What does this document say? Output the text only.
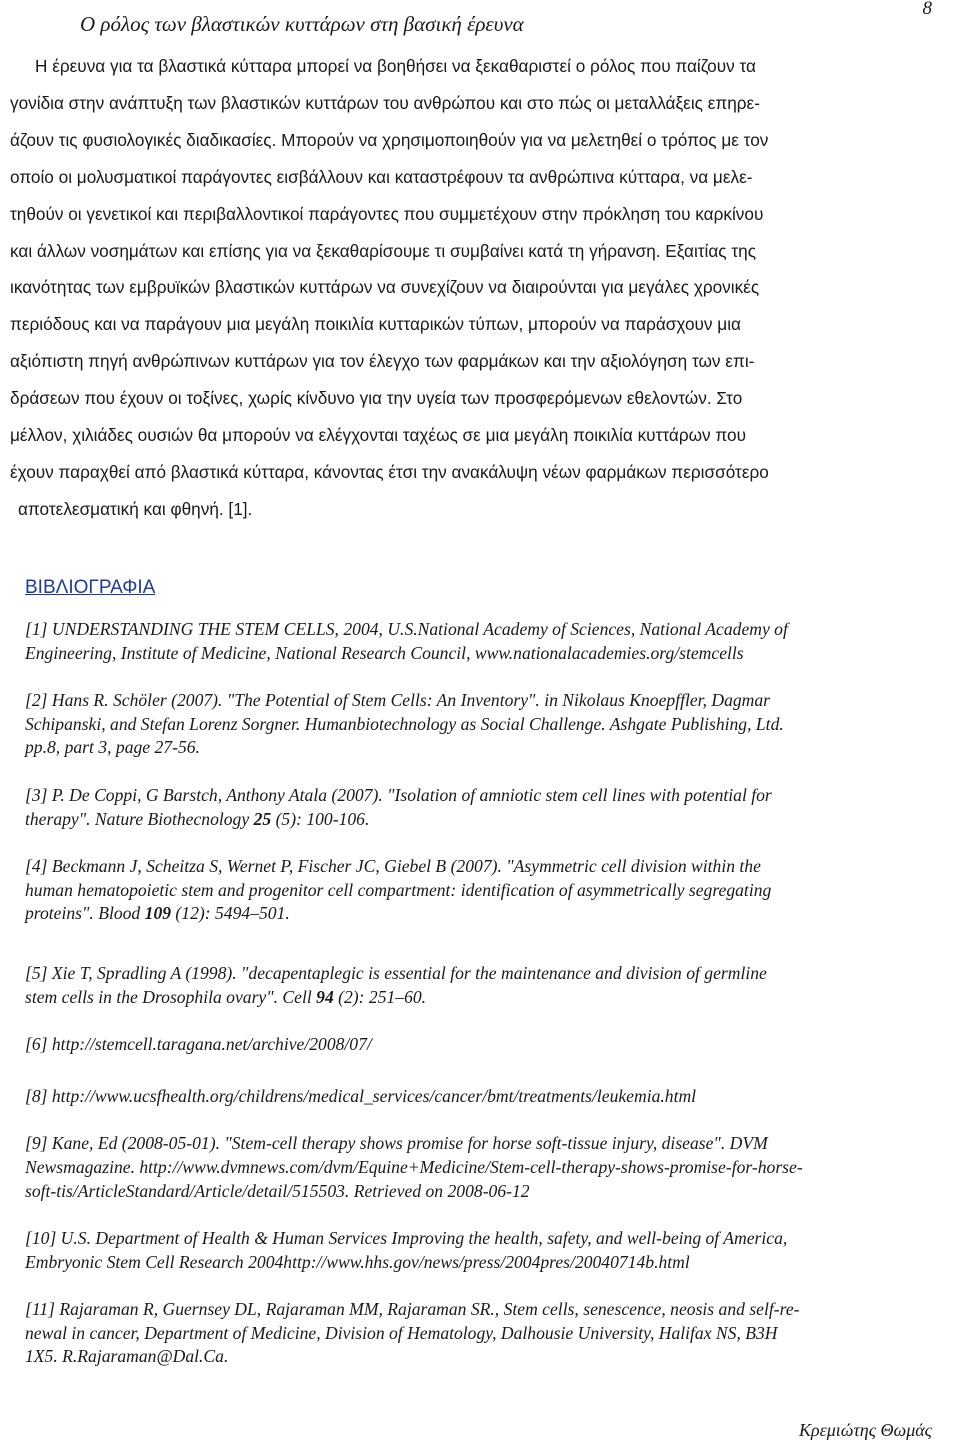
8
Ο ρόλος των βλαστικών κυττάρων στη βασική έρευνα
Η έρευνα για τα βλαστικά κύτταρα μπορεί να βοηθήσει να ξεκαθαριστεί ο ρόλος που παίζουν τα
γονίδια στην ανάπτυξη των βλαστικών κυττάρων του ανθρώπου και στο πώς οι μεταλλάξεις επηρε-
άζουν τις φυσιολογικές διαδικασίες. Μπορούν να χρησιμοποιηθούν για να μελετηθεί ο τρόπος με τον
οποίο οι μολυσματικοί παράγοντες εισβάλλουν και καταστρέφουν τα ανθρώπινα κύτταρα, να μελε-
τηθούν οι γενετικοί και περιβαλλοντικοί παράγοντες που συμμετέχουν στην πρόκληση του καρκίνου
και άλλων νοσημάτων και επίσης για να ξεκαθαρίσουμε τι συμβαίνει κατά τη γήρανση. Εξαιτίας της
ικανότητας των εμβρυϊκών βλαστικών κυττάρων να συνεχίζουν να διαιρούνται για μεγάλες χρονικές
περιόδους και να παράγουν μια μεγάλη ποικιλία κυτταρικών τύπων, μπορούν να παράσχουν μια
αξιόπιστη πηγή ανθρώπινων κυττάρων για τον έλεγχο των φαρμάκων και την αξιολόγηση των επι-
δράσεων που έχουν οι τοξίνες, χωρίς κίνδυνο για την υγεία των προσφερόμενων εθελοντών. Στο
μέλλον, χιλιάδες ουσιών θα μπορούν να ελέγχονται ταχέως σε μια μεγάλη ποικιλία κυττάρων που
έχουν παραχθεί από βλαστικά κύτταρα, κάνοντας έτσι την ανακάλυψη νέων φαρμάκων περισσότερο
αποτελεσματική και φθηνή. [1].
ΒΙΒΛΙΟΓΡΑΦΙΑ

[1] UNDERSTANDING THE STEM CELLS, 2004, U.S.National Academy of Sciences, National Academy of
Engineering, Institute of Medicine, National Research Council, www.nationalacademies.org/stemcells

[2] Hans R. Schöler (2007). "The Potential of Stem Cells: An Inventory". in Nikolaus Knoepffler, Dagmar
Schipanski, and Stefan Lorenz Sorgner. Humanbiotechnology as Social Challenge. Ashgate Publishing, Ltd.
pp.8, part 3, page 27-56.

[3] P. De Coppi, G Barstch, Anthony Atala (2007). "Isolation of amniotic stem cell lines with potential for
therapy". Nature Biothecnology 25 (5): 100-106.

[4] Beckmann J, Scheitza S, Wernet P, Fischer JC, Giebel B (2007). "Asymmetric cell division within the
human hematopoietic stem and progenitor cell compartment: identification of asymmetrically segregating
proteins". Blood 109 (12): 5494–501.

[5] Xie T, Spradling A (1998). "decapentaplegic is essential for the maintenance and division of germline
stem cells in the Drosophila ovary". Cell 94 (2): 251–60.

[6] http://stemcell.taragana.net/archive/2008/07/

[8] http://www.ucsfhealth.org/childrens/medical_services/cancer/bmt/treatments/leukemia.html

[9] Kane, Ed (2008-05-01). "Stem-cell therapy shows promise for horse soft-tissue injury, disease". DVM
Newsmagazine. http://www.dvmnews.com/dvm/Equine+Medicine/Stem-cell-therapy-shows-promise-for-horse-
soft-tis/ArticleStandard/Article/detail/515503. Retrieved on 2008-06-12

[10] U.S. Department of Health & Human Services Improving the health, safety, and well-being of America,
Embryonic Stem Cell Research 2004http://www.hhs.gov/news/press/2004pres/20040714b.html

[11] Rajaraman R, Guernsey DL, Rajaraman MM, Rajaraman SR., Stem cells, senescence, neosis and self-re-
newal in cancer, Department of Medicine, Division of Hematology, Dalhousie University, Halifax NS, B3H
1X5. R.Rajaraman@Dal.Ca.

Κρεμιώτης Θωμάς
